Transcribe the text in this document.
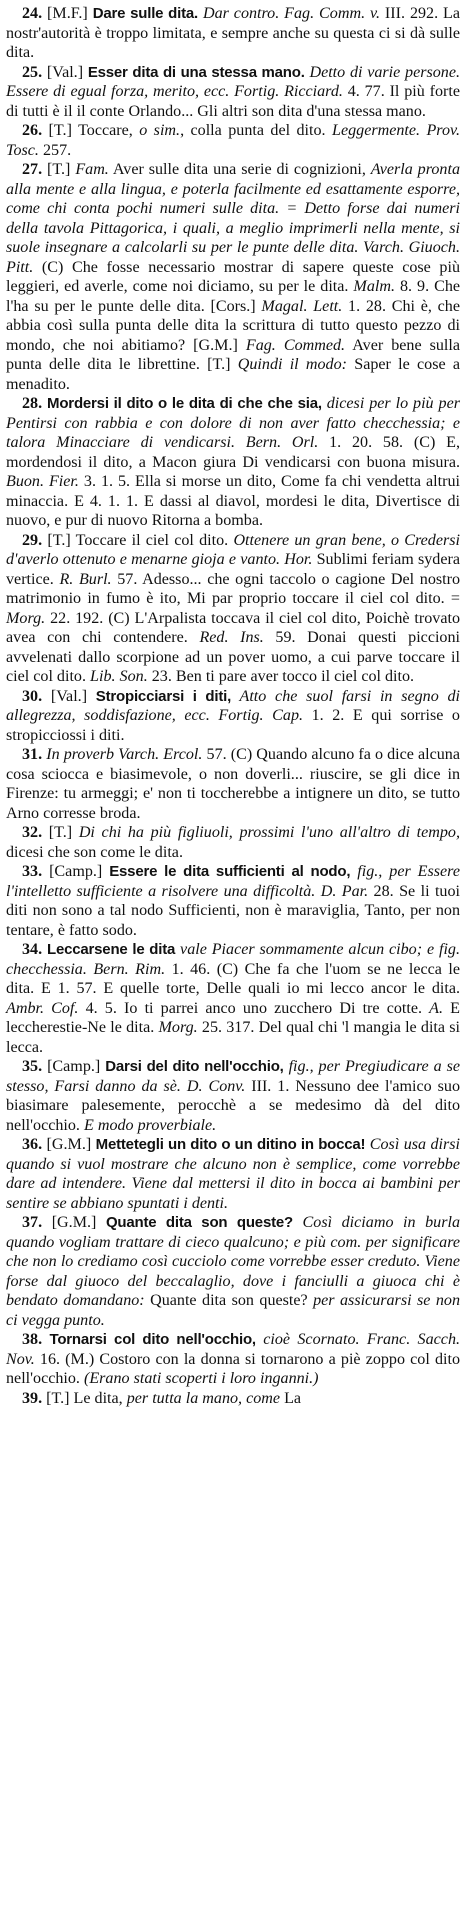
24. [M.F.] Dare sulle dita. Dar contro. Fag. Comm. v. III. 292. La nostr'autorità è troppo limitata, e sempre anche su questa ci si dà sulle dita.

25. [Val.] Esser dita di una stessa mano. Detto di varie persone. Essere di egual forza, merito, ecc. Fortig. Ricciard. 4. 77. Il più forte di tutti è il il conte Orlando... Gli altri son dita d'una stessa mano.

26. [T.] Toccare, o sim., colla punta del dito. Leggermente. Prov. Tosc. 257.

27. [T.] Fam. Aver sulle dita una serie di cognizioni, Averla pronta alla mente e alla lingua, e poterla facilmente ed esattamente esporre, come chi conta pochi numeri sulle dita. = Detto forse dai numeri della tavola Pittagorica, i quali, a meglio imprimerli nella mente, si suole insegnare a calcolarli su per le punte delle dita. Varch. Giuoch. Pitt. (C) Che fosse necessario mostrar di sapere queste cose più leggieri, ed averle, come noi diciamo, su per le dita. Malm. 8. 9. Che l'ha su per le punte delle dita. [Cors.] Magal. Lett. 1. 28. Chi è, che abbia così sulla punta delle dita la scrittura di tutto questo pezzo di mondo, che noi abitiamo? [G.M.] Fag. Commed. Aver bene sulla punta delle dita le librettine. [T.] Quindi il modo: Saper le cose a menadito.

28. Mordersi il dito o le dita di che che sia, dicesi per lo più per Pentirsi con rabbia e con dolore di non aver fatto checchessia; e talora Minacciare di vendicarsi. Bern. Orl. 1. 20. 58. (C) E, mordendosi il dito, a Macon giura Di vendicarsi con buona misura. Buon. Fier. 3. 1. 5. Ella si morse un dito, Come fa chi vendetta altrui minaccia. E 4. 1. 1. E dassi al diavol, mordesi le dita, Divertisce di nuovo, e pur di nuovo Ritorna a bomba.

29. [T.] Toccare il ciel col dito. Ottenere un gran bene, o Credersi d'averlo ottenuto e menarne gioja e vanto. Hor. Sublimi feriam sydera vertice. R. Burl. 57. Adesso... che ogni taccolo o cagione Del nostro matrimonio in fumo è ito, Mi par proprio toccare il ciel col dito. = Morg. 22. 192. (C) L'Arpalista toccava il ciel col dito, Poichè trovato avea con chi contendere. Red. Ins. 59. Donai questi piccioni avvelenati dallo scorpione ad un pover uomo, a cui parve toccare il ciel col dito. Lib. Son. 23. Ben ti pare aver tocco il ciel col dito.

30. [Val.] Stropicciarsi i diti, Atto che suol farsi in segno di allegrezza, soddisfazione, ecc. Fortig. Cap. 1. 2. E qui sorrise o stropicciossi i diti.

31. In proverb Varch. Ercol. 57. (C) Quando alcuno fa o dice alcuna cosa sciocca e biasimevole, o non doverli... riuscire, se gli dice in Firenze: tu armeggi; e' non ti toccherebbe a intignere un dito, se tutto Arno corresse broda.

32. [T.] Di chi ha più figliuoli, prossimi l'uno all'altro di tempo, dicesi che son come le dita.

33. [Camp.] Essere le dita sufficienti al nodo, fig., per Essere l'intelletto sufficiente a risolvere una difficoltà. D. Par. 28. Se li tuoi diti non sono a tal nodo Sufficienti, non è maraviglia, Tanto, per non tentare, è fatto sodo.

34. Leccarsene le dita vale Piacer sommamente alcun cibo; e fig. checchessia. Bern. Rim. 1. 46. (C) Che fa che l'uom se ne lecca le dita. E 1. 57. E quelle torte, Delle quali io mi lecco ancor le dita. Ambr. Cof. 4. 5. Io ti parrei anco uno zucchero Di tre cotte. A. E leccherestie-Ne le dita. Morg. 25. 317. Del qual chi 'l mangia le dita si lecca.

35. [Camp.] Darsi del dito nell'occhio, fig., per Pregiudicare a se stesso, Farsi danno da sè. D. Conv. III. 1. Nessuno dee l'amico suo biasimare palesemente, perocchè a se medesimo dà del dito nell'occhio. E modo proverbiale.

36. [G.M.] Mettetegli un dito o un ditino in bocca! Così usa dirsi quando si vuol mostrare che alcuno non è semplice, come vorrebbe dare ad intendere. Viene dal mettersi il dito in bocca ai bambini per sentire se abbiano spuntati i denti.

37. [G.M.] Quante dita son queste? Così diciamo in burla quando vogliam trattare di cieco qualcuno; e più com. per significare che non lo crediamo così cucciolo come vorrebbe esser creduto. Viene forse dal giuoco del beccalaglio, dove i fanciulli a giuoca chi è bendato domandano: Quante dita son queste? per assicurarsi se non ci vegga punto.

38. Tornarsi col dito nell'occhio, cioè Scornato. Franc. Sacch. Nov. 16. (M.) Costoro con la donna si tornarono a piè zoppo col dito nell'occhio. (Erano stati scoperti i loro inganni.)

39. [T.] Le dita, per tutta la mano, come La
